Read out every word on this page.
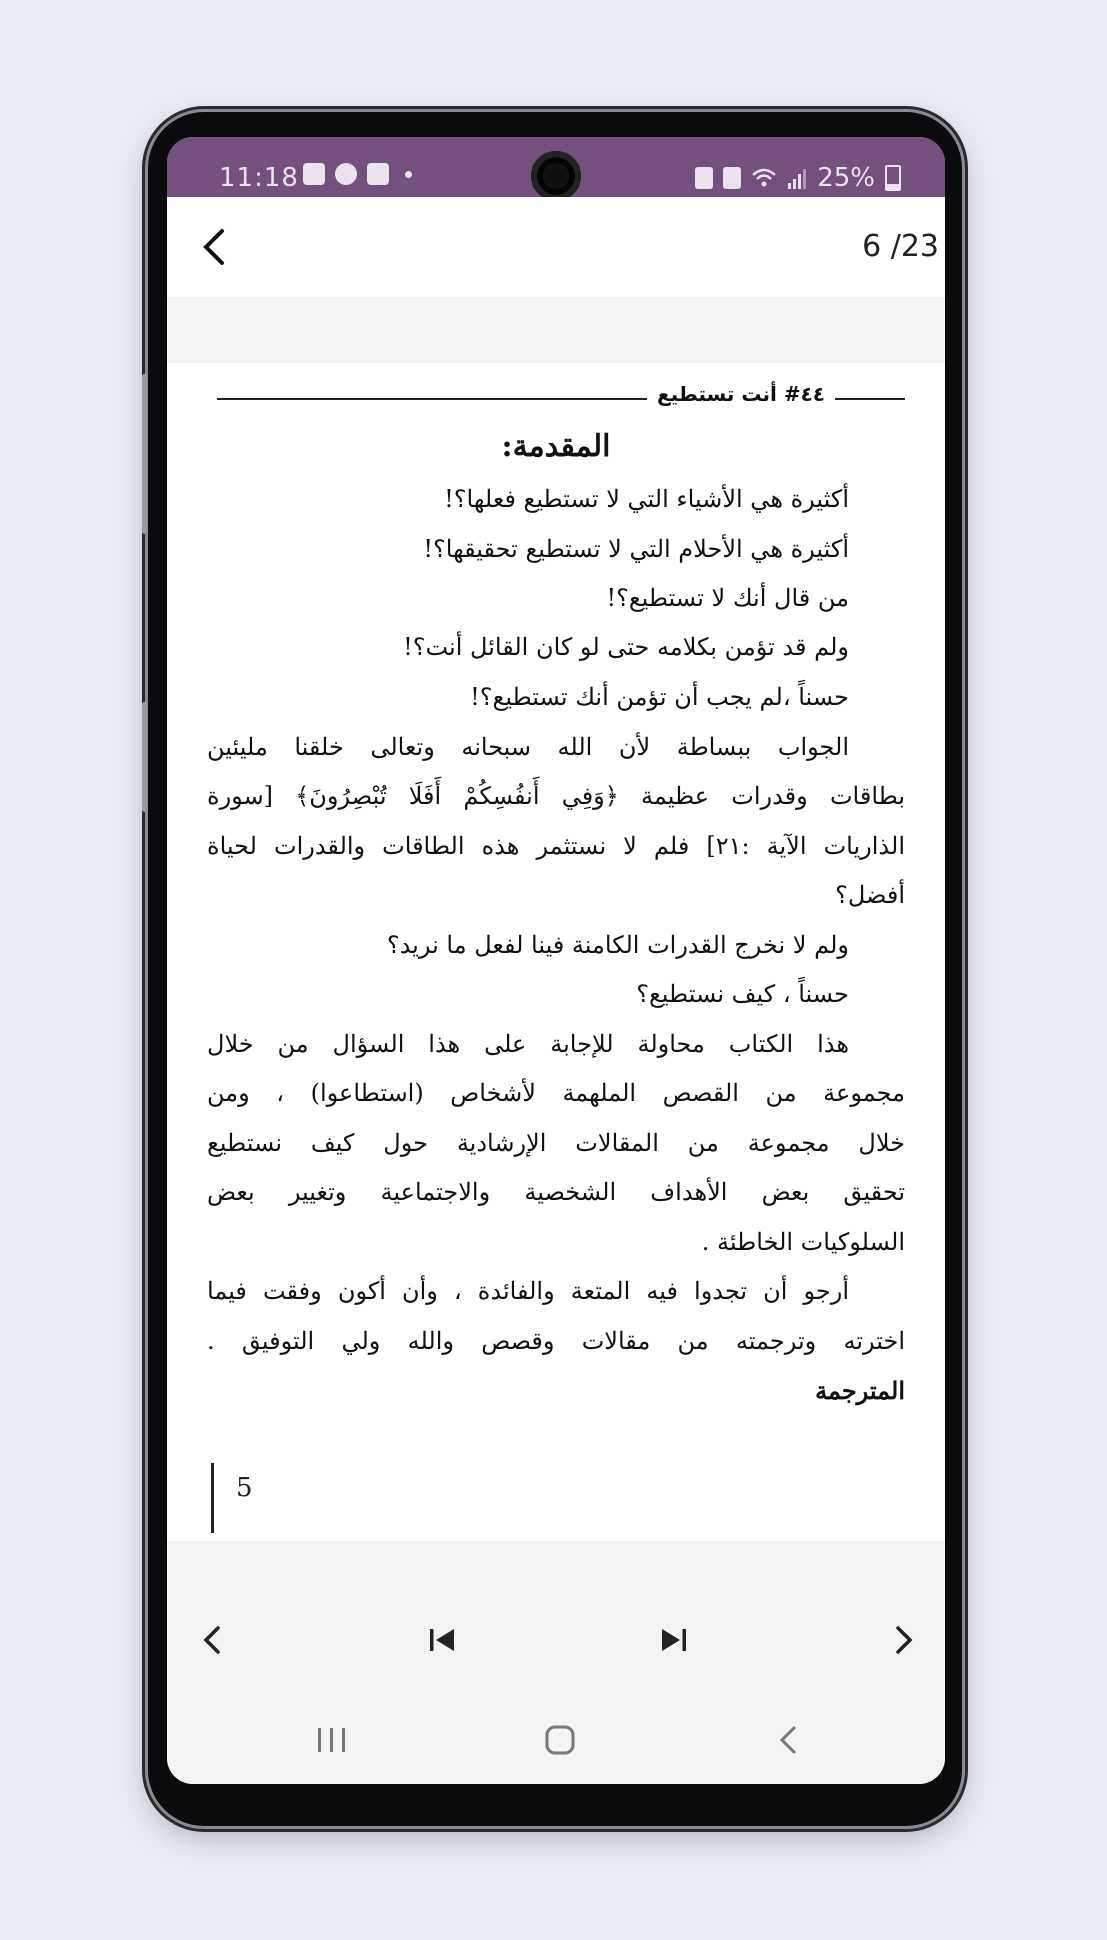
11:18	25%
6 /23
٤٤# أنت تستطيع
المقدمة:
أكثيرة هي الأشياء التي لا تستطيع فعلها؟!
أكثيرة هي الأحلام التي لا تستطيع تحقيقها؟!
من قال أنك لا تستطيع؟!
ولم قد تؤمن بكلامه حتى لو كان القائل أنت؟!
حسناً ،لم يجب أن تؤمن أنك تستطيع؟!
الجواب ببساطة لأن الله سبحانه وتعالى خلقنا مليئين
بطاقات وقدرات عظيمة ﴿وَفِي أَنفُسِكُمْ أَفَلَا تُبْصِرُونَ﴾ [سورة
الذاريات الآية :٢١] فلم لا نستثمر هذه الطاقات والقدرات لحياة
أفضل؟
ولم لا نخرج القدرات الكامنة فينا لفعل ما نريد؟
حسناً ، كيف نستطيع؟
هذا الكتاب محاولة للإجابة على هذا السؤال من خلال
مجموعة من القصص الملهمة لأشخاص (استطاعوا) ، ومن
خلال مجموعة من المقالات الإرشادية حول كيف نستطيع
تحقيق بعض الأهداف الشخصية والاجتماعية وتغيير بعض
السلوكيات الخاطئة .
أرجو أن تجدوا فيه المتعة والفائدة ، وأن أكون وفقت فيما
اخترته وترجمته من مقالات وقصص والله ولي التوفيق .
المترجمة
5
